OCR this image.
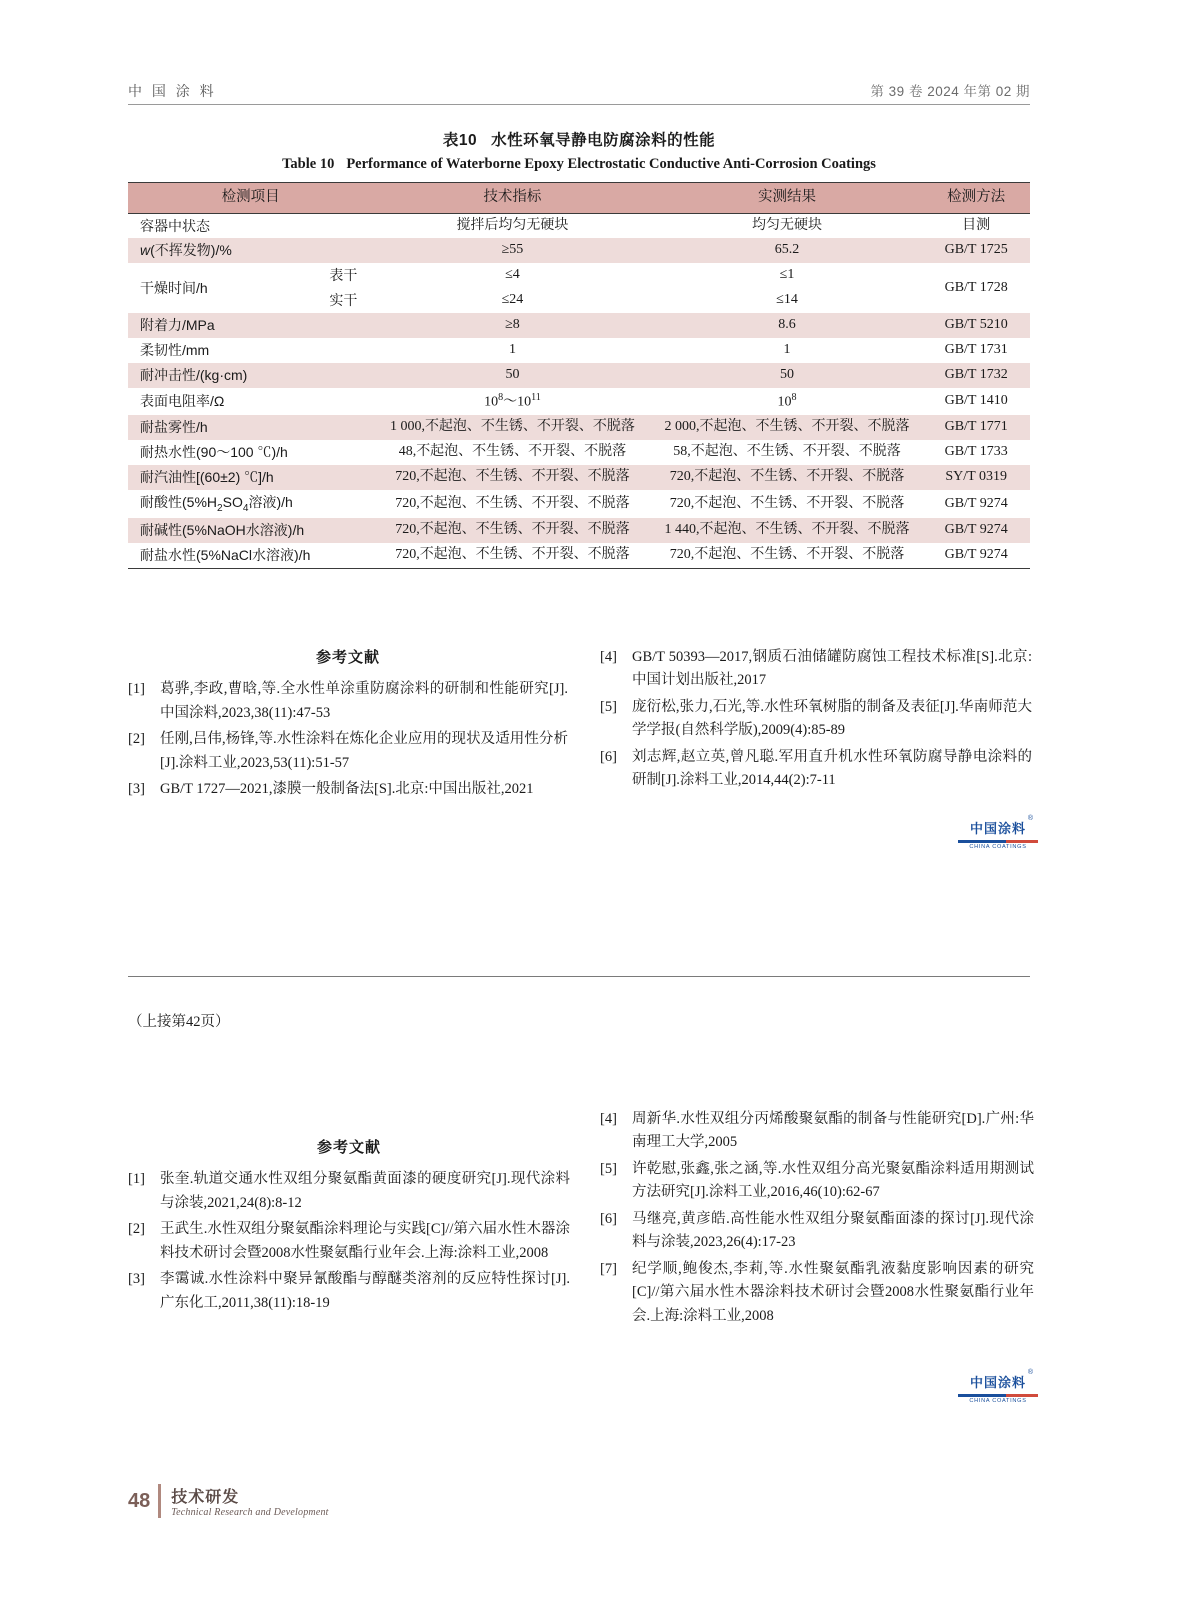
中 国 涂 料	第 39 卷 2024 年第 02 期
表10 水性环氧导静电防腐涂料的性能
Table 10 Performance of Waterborne Epoxy Electrostatic Conductive Anti-Corrosion Coatings
检测项目		技术指标	实测结果	检测方法
容器中状态		搅拌后均匀无硬块	均匀无硬块	目测
w(不挥发物)/%		≥55	65.2	GB/T 1725
干燥时间/h	表干	≤4	≤1	GB/T 1728
	实干	≤24	≤14	
附着力/MPa		≥8	8.6	GB/T 5210
柔韧性/mm		1	1	GB/T 1731
耐冲击性/(kg·cm)		50	50	GB/T 1732
表面电阻率/Ω		$10^8\sim 10^{11}$	$10^8$	GB/T 1410
耐盐雾性/h		1 000,不起泡、不生锈、不开裂、不脱落	2 000,不起泡、不生锈、不开裂、不脱落	GB/T 1771
耐热水性(90～100 ℃)/h		48,不起泡、不生锈、不开裂、不脱落	58,不起泡、不生锈、不开裂、不脱落	GB/T 1733
耐汽油性[(60±2) ℃]/h		720,不起泡、不生锈、不开裂、不脱落	720,不起泡、不生锈、不开裂、不脱落	SY/T 0319
耐酸性($5\%H_2SO_4$溶液)/h		720,不起泡、不生锈、不开裂、不脱落	720,不起泡、不生锈、不开裂、不脱落	GB/T 9274
耐碱性(5%NaOH水溶液)/h		720,不起泡、不生锈、不开裂、不脱落	1 440,不起泡、不生锈、不开裂、不脱落	GB/T 9274
耐盐水性(5%NaCl水溶液)/h		720,不起泡、不生锈、不开裂、不脱落	720,不起泡、不生锈、不开裂、不脱落	GB/T 9274
参考文献
[1]	葛骅,李政,曹晗,等.全水性单涂重防腐涂料的研制和性能研究[J].中国涂料,2023,38(11):47-53
[2]	任刚,吕伟,杨锋,等.水性涂料在炼化企业应用的现状及适用性分析[J].涂料工业,2023,53(11):51-57
[3]	GB/T 1727—2021,漆膜一般制备法[S].北京:中国出版社,2021
[4]	GB/T 50393—2017,钢质石油储罐防腐蚀工程技术标准[S].北京:中国计划出版社,2017
[5]	庞衍松,张力,石光,等.水性环氧树脂的制备及表征[J].华南师范大学学报(自然科学版),2009(4):85-89
[6]	刘志辉,赵立英,曾凡聪.军用直升机水性环氧防腐导静电涂料的研制[J].涂料工业,2014,44(2):7-11
中国涂料
®
CHINA COATINGS
（上接第42页）
参考文献
[1]	张奎.轨道交通水性双组分聚氨酯黄面漆的硬度研究[J].现代涂料与涂装,2021,24(8):8-12
[2]	王武生.水性双组分聚氨酯涂料理论与实践[C]//第六届水性木器涂料技术研讨会暨2008水性聚氨酯行业年会.上海:涂料工业,2008
[3]	李霭诚.水性涂料中聚异氰酸酯与醇醚类溶剂的反应特性探讨[J].广东化工,2011,38(11):18-19
[4]	周新华.水性双组分丙烯酸聚氨酯的制备与性能研究[D].广州:华南理工大学,2005
[5]	许乾慰,张鑫,张之涵,等.水性双组分高光聚氨酯涂料适用期测试方法研究[J].涂料工业,2016,46(10):62-67
[6]	马继亮,黄彦皓.高性能水性双组分聚氨酯面漆的探讨[J].现代涂料与涂装,2023,26(4):17-23
[7]	纪学顺,鲍俊杰,李莉,等.水性聚氨酯乳液黏度影响因素的研究[C]//第六届水性木器涂料技术研讨会暨2008水性聚氨酯行业年会.上海:涂料工业,2008
中国涂料
®
CHINA COATINGS
48 技术研发
Technical Research and Development
